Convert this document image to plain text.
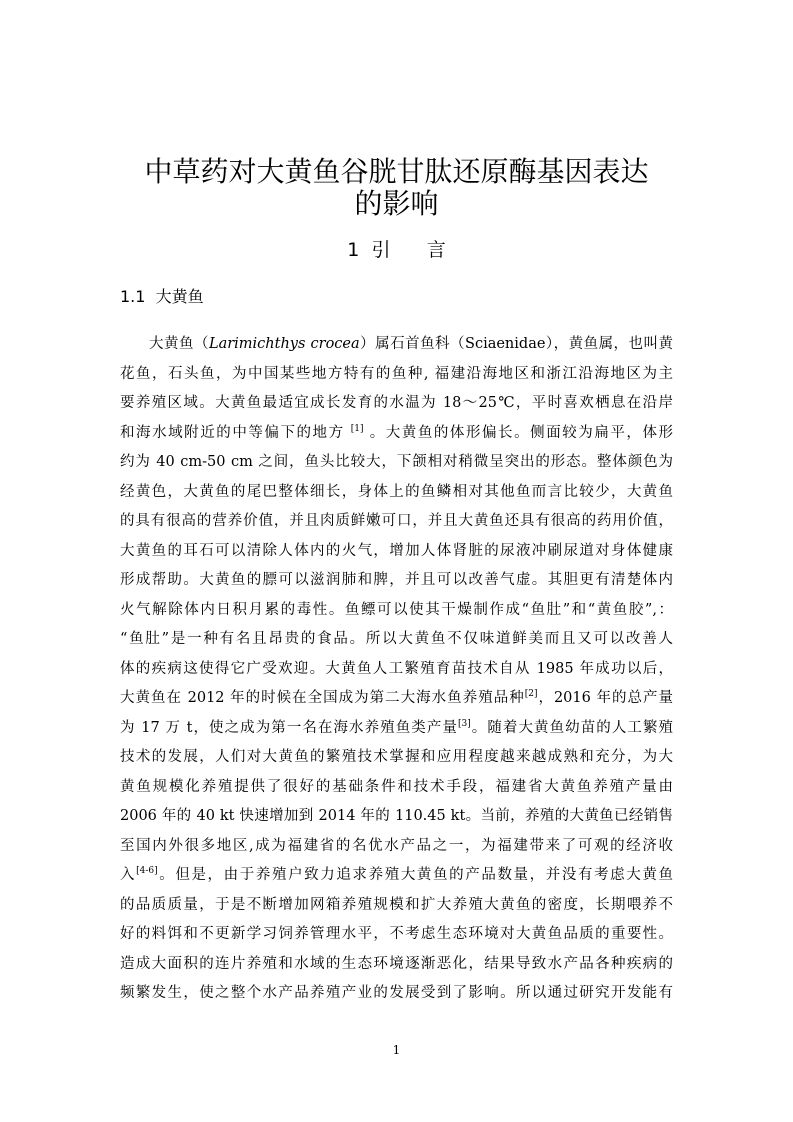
中草药对大黄鱼谷胱甘肽还原酶基因表达
的影响
1  引      言
1.1  大黄鱼
大黄鱼（Larimichthys crocea）属石首鱼科（Sciaenidae），黄鱼属，也叫黄
花鱼，石头鱼，为中国某些地方特有的鱼种, 福建沿海地区和浙江沿海地区为主
要养殖区域。大黄鱼最适宜成长发育的水温为 18～25℃，平时喜欢栖息在沿岸
和海水域附近的中等偏下的地方 [1] 。大黄鱼的体形偏长。侧面较为扁平，体形
约为 40 cm-50 cm 之间，鱼头比较大，下颌相对稍微呈突出的形态。整体颜色为
经黄色，大黄鱼的尾巴整体细长，身体上的鱼鳞相对其他鱼而言比较少，大黄鱼
的具有很高的营养价值，并且肉质鲜嫩可口，并且大黄鱼还具有很高的药用价值，
大黄鱼的耳石可以清除人体内的火气，增加人体肾脏的尿液冲刷尿道对身体健康
形成帮助。大黄鱼的膘可以滋润肺和脾，并且可以改善气虚。其胆更有清楚体内
火气解除体内日积月累的毒性。鱼鳔可以使其干燥制作成“鱼肚”和“黄鱼胶”,：
“鱼肚”是一种有名且昂贵的食品。所以大黄鱼不仅味道鲜美而且又可以改善人
体的疾病这使得它广受欢迎。大黄鱼人工繁殖育苗技术自从 1985 年成功以后，
大黄鱼在 2012 年的时候在全国成为第二大海水鱼养殖品种[2]，2016 年的总产量
为 17 万 t，使之成为第一名在海水养殖鱼类产量[3]。随着大黄鱼幼苗的人工繁殖
技术的发展，人们对大黄鱼的繁殖技术掌握和应用程度越来越成熟和充分，为大
黄鱼规模化养殖提供了很好的基础条件和技术手段，福建省大黄鱼养殖产量由
2006 年的 40 kt 快速增加到 2014 年的 110.45 kt。当前，养殖的大黄鱼已经销售
至国内外很多地区,成为福建省的名优水产品之一，为福建带来了可观的经济收
入[4-6]。但是，由于养殖户致力追求养殖大黄鱼的产品数量，并没有考虑大黄鱼
的品质质量，于是不断增加网箱养殖规模和扩大养殖大黄鱼的密度，长期喂养不
好的料饵和不更新学习饲养管理水平，不考虑生态环境对大黄鱼品质的重要性。
造成大面积的连片养殖和水域的生态环境逐渐恶化，结果导致水产品各种疾病的
频繁发生，使之整个水产品养殖产业的发展受到了影响。所以通过研究开发能有
1
